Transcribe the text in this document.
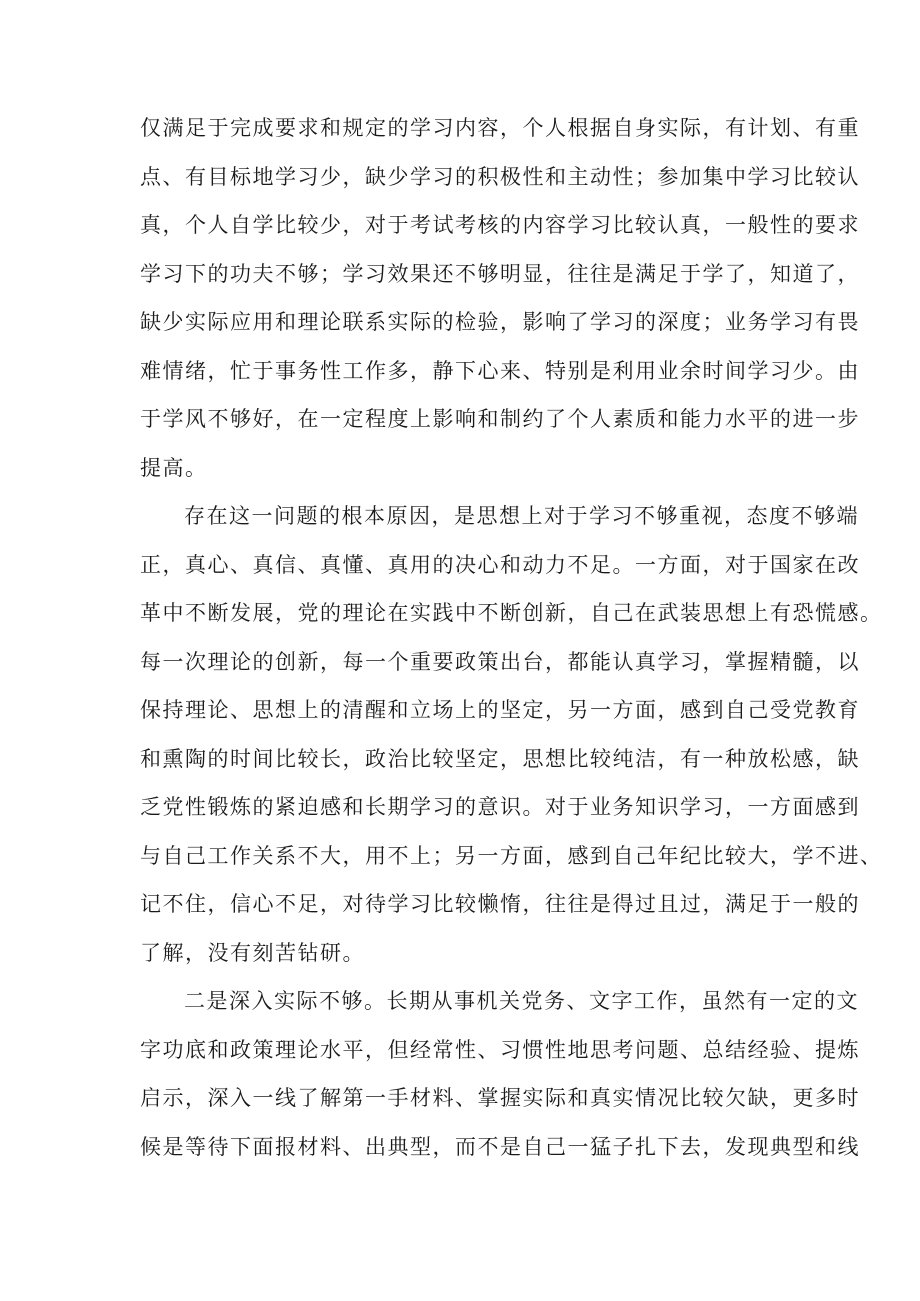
仅满足于完成要求和规定的学习内容，个人根据自身实际，有计划、有重
点、有目标地学习少，缺少学习的积极性和主动性；参加集中学习比较认
真，个人自学比较少，对于考试考核的内容学习比较认真，一般性的要求
学习下的功夫不够；学习效果还不够明显，往往是满足于学了，知道了，
缺少实际应用和理论联系实际的检验，影响了学习的深度；业务学习有畏
难情绪，忙于事务性工作多，静下心来、特别是利用业余时间学习少。由
于学风不够好，在一定程度上影响和制约了个人素质和能力水平的进一步
提高。

存在这一问题的根本原因，是思想上对于学习不够重视，态度不够端
正，真心、真信、真懂、真用的决心和动力不足。一方面，对于国家在改
革中不断发展，党的理论在实践中不断创新，自己在武装思想上有恐慌感。
每一次理论的创新，每一个重要政策出台，都能认真学习，掌握精髓，以
保持理论、思想上的清醒和立场上的坚定，另一方面，感到自己受党教育
和熏陶的时间比较长，政治比较坚定，思想比较纯洁，有一种放松感，缺
乏党性锻炼的紧迫感和长期学习的意识。对于业务知识学习，一方面感到
与自己工作关系不大，用不上；另一方面，感到自己年纪比较大，学不进、
记不住，信心不足，对待学习比较懒惰，往往是得过且过，满足于一般的
了解，没有刻苦钻研。

二是深入实际不够。长期从事机关党务、文字工作，虽然有一定的文
字功底和政策理论水平，但经常性、习惯性地思考问题、总结经验、提炼
启示，深入一线了解第一手材料、掌握实际和真实情况比较欠缺，更多时
候是等待下面报材料、出典型，而不是自己一猛子扎下去，发现典型和线
